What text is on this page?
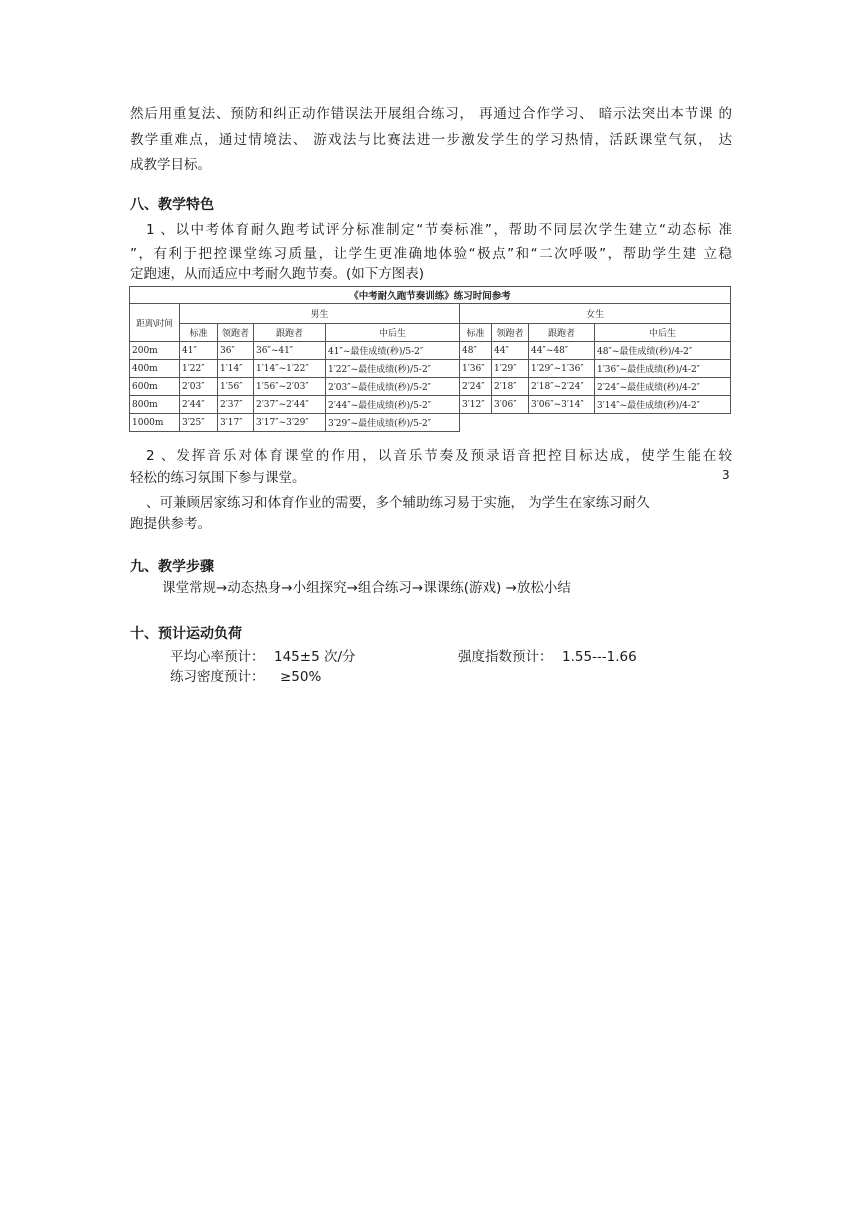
然后用重复法、预防和纠正动作错误法开展组合练习， 再通过合作学习、 暗示法突出本节课 的
教学重难点，通过情境法、 游戏法与比赛法进一步激发学生的学习热情，活跃课堂气氛， 达
成教学目标。
八、教学特色
1 、以中考体育耐久跑考试评分标准制定“节奏标准”，帮助不同层次学生建立“动态标 准
”，有利于把控课堂练习质量，让学生更准确地体验“极点”和“二次呼吸”，帮助学生建 立稳
定跑速，从而适应中考耐久跑节奏。(如下方图表)
《中考耐久跑节奏训练》练习时间参考								
距离\时间	男生				女生			
	标准	领跑者	跟跑者	中后生	标准	领跑者	跟跑者	中后生
200m	41″	36″	36″~41″	41″~最佳成绩(秒)/5-2″	48″	44″	44″~48″	48″~最佳成绩(秒)/4-2″
400m	1′22″	1′14″	1′14″~1′22″	1′22″~最佳成绩(秒)/5-2″	1′36″	1′29″	1′29″~1′36″	1′36″~最佳成绩(秒)/4-2″
600m	2′03″	1′56″	1′56″~2′03″	2′03″~最佳成绩(秒)/5-2″	2′24″	2′18″	2′18″~2′24″	2′24″~最佳成绩(秒)/4-2″
800m	2′44″	2′37″	2′37″~2′44″	2′44″~最佳成绩(秒)/5-2″	3′12″	3′06″	3′06″~3′14″	3′14″~最佳成绩(秒)/4-2″
1000m	3′25″	3′17″	3′17″~3′29″	3′29″~最佳成绩(秒)/5-2″				
2 、发挥音乐对体育课堂的作用，以音乐节奏及预录语音把控目标达成，使学生能在较
轻松的练习氛围下参与课堂。	3
、可兼顾居家练习和体育作业的需要，多个辅助练习易于实施， 为学生在家练习耐久
跑提供参考。
九、教学步骤
课堂常规→动态热身→小组探究→组合练习→课课练(游戏) →放松小结
十、预计运动负荷
平均心率预计： 145±5 次/分	强度指数预计： 1.55---1.66
练习密度预计： ≥50%
